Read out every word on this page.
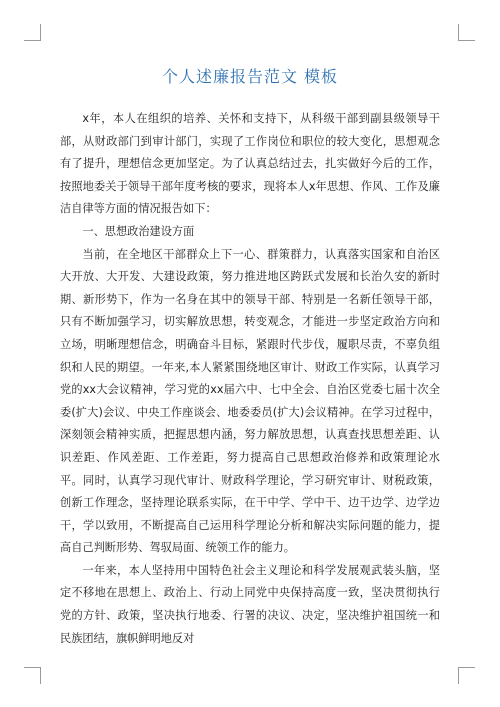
个人述廉报告范文 模板

x年，本人在组织的培养、关怀和支持下，从科级干部到副县级领导干部，从财政部门到审计部门，实现了工作岗位和职位的较大变化，思想观念有了提升，理想信念更加坚定。为了认真总结过去，扎实做好今后的工作，按照地委关于领导干部年度考核的要求，现将本人x年思想、作风、工作及廉洁自律等方面的情况报告如下：

一、思想政治建设方面

当前，在全地区干部群众上下一心、群策群力，认真落实国家和自治区大开放、大开发、大建设政策，努力推进地区跨跃式发展和长治久安的新时期、新形势下，作为一名身在其中的领导干部、特别是一名新任领导干部，只有不断加强学习，切实解放思想，转变观念，才能进一步坚定政治方向和立场，明晰理想信念，明确奋斗目标，紧跟时代步伐，履职尽责，不辜负组织和人民的期望。一年来,本人紧紧围绕地区审计、财政工作实际，认真学习党的xx大会议精神，学习党的xx届六中、七中全会、自治区党委七届十次全委(扩大)会议、中央工作座谈会、地委委员(扩大)会议精神。在学习过程中，深刻领会精神实质，把握思想内涵，努力解放思想，认真查找思想差距、认识差距、作风差距、工作差距，努力提高自己思想政治修养和政策理论水平。同时，认真学习现代审计、财政科学理论，学习研究审计、财税政策，创新工作理念，坚持理论联系实际，在干中学、学中干、边干边学、边学边干，学以致用，不断提高自己运用科学理论分析和解决实际问题的能力，提高自己判断形势、驾驭局面、统领工作的能力。

一年来，本人坚持用中国特色社会主义理论和科学发展观武装头脑，坚定不移地在思想上、政治上、行动上同党中央保持高度一致，坚决贯彻执行党的方针、政策，坚决执行地委、行署的决议、决定，坚决维护祖国统一和民族团结，旗帜鲜明地反对
